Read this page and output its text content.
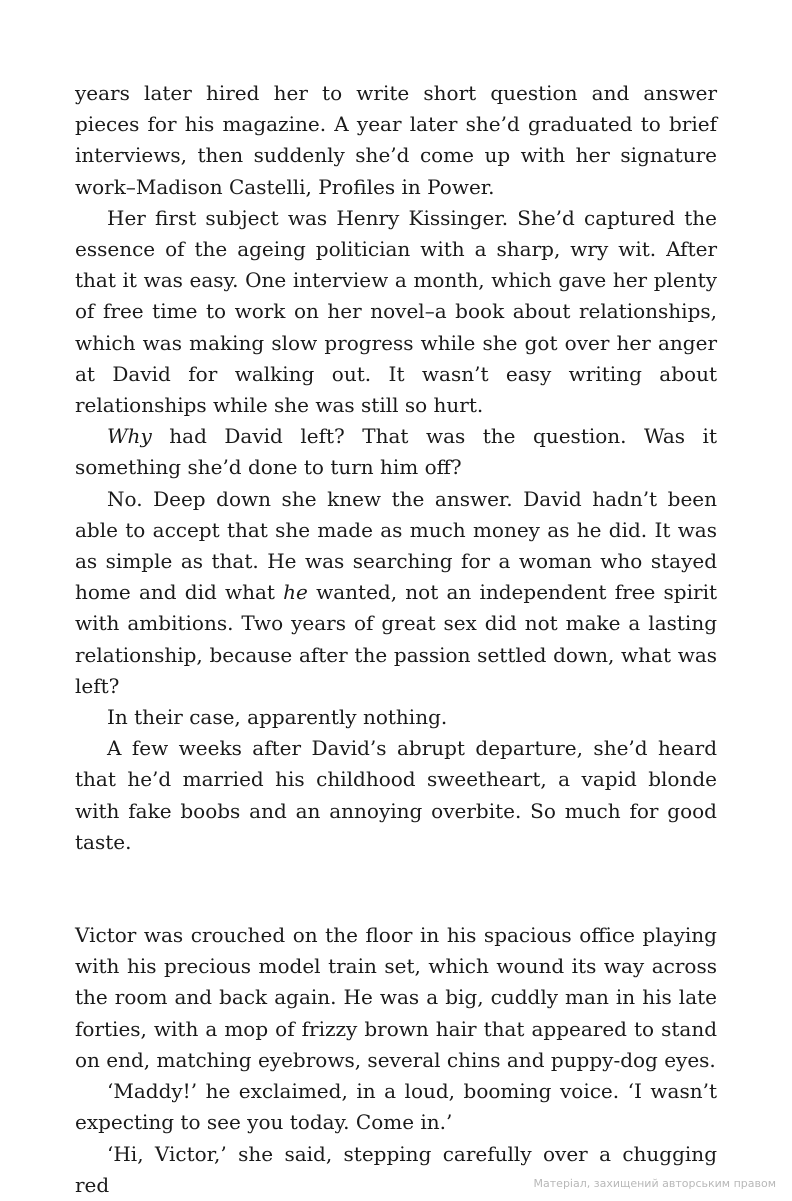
years later hired her to write short question and answer pieces for his magazine. A year later she’d graduated to brief interviews, then suddenly she’d come up with her signature work–Madison Castelli, Profiles in Power.

Her first subject was Henry Kissinger. She’d captured the essence of the ageing politician with a sharp, wry wit. After that it was easy. One interview a month, which gave her plenty of free time to work on her novel–a book about relationships, which was making slow progress while she got over her anger at David for walking out. It wasn’t easy writing about relationships while she was still so hurt.

Why had David left? That was the question. Was it something she’d done to turn him off?

No. Deep down she knew the answer. David hadn’t been able to accept that she made as much money as he did. It was as simple as that. He was searching for a woman who stayed home and did what he wanted, not an independent free spirit with ambitions. Two years of great sex did not make a lasting relationship, because after the passion settled down, what was left?

In their case, apparently nothing.

A few weeks after David’s abrupt departure, she’d heard that he’d married his childhood sweetheart, a vapid blonde with fake boobs and an annoying overbite. So much for good taste.

Victor was crouched on the floor in his spacious office playing with his precious model train set, which wound its way across the room and back again. He was a big, cuddly man in his late forties, with a mop of frizzy brown hair that appeared to stand on end, matching eyebrows, several chins and puppy-dog eyes.

‘Maddy!’ he exclaimed, in a loud, booming voice. ‘I wasn’t expecting to see you today. Come in.’

‘Hi, Victor,’ she said, stepping carefully over a chugging red	Матеріал, захищений авторським правом
